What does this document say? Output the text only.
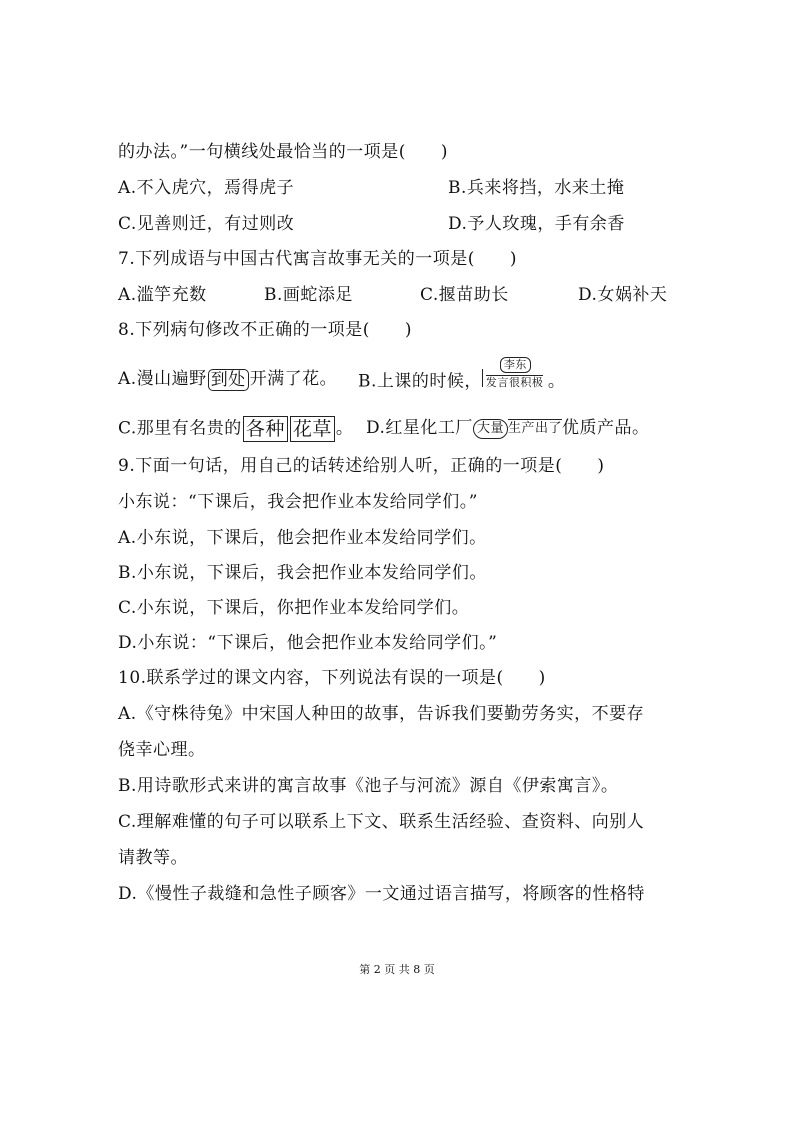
的办法。”一句横线处最恰当的一项是(　　)
A.不入虎穴，焉得虎子	B.兵来将挡，水来土掩
C.见善则迁，有过则改	D.予人玫瑰，手有余香
7.下列成语与中国古代寓言故事无关的一项是(　　)
A.滥竽充数	B.画蛇添足	C.揠苗助长	D.女娲补天
8.下列病句修改不正确的一项是(　　)
A.漫山遍野 到处 开满了花。 B.上课的时候，
李东
发言很积极 。
C.那里有名贵的 各种 花草 。 D.红星化工厂 大量 生产出了优质产品。
9.下面一句话，用自己的话转述给别人听，正确的一项是(　　)
小东说：“下课后，我会把作业本发给同学们。”
A.小东说，下课后，他会把作业本发给同学们。
B.小东说，下课后，我会把作业本发给同学们。
C.小东说，下课后，你把作业本发给同学们。
D.小东说：“下课后，他会把作业本发给同学们。”
10.联系学过的课文内容，下列说法有误的一项是(　　)
A.《守株待兔》中宋国人种田的故事，告诉我们要勤劳务实，不要存
侥幸心理。
B.用诗歌形式来讲的寓言故事《池子与河流》源自《伊索寓言》。
C.理解难懂的句子可以联系上下文、联系生活经验、查资料、向别人
请教等。
D.《慢性子裁缝和急性子顾客》一文通过语言描写，将顾客的性格特
第 2 页 共 8 页
